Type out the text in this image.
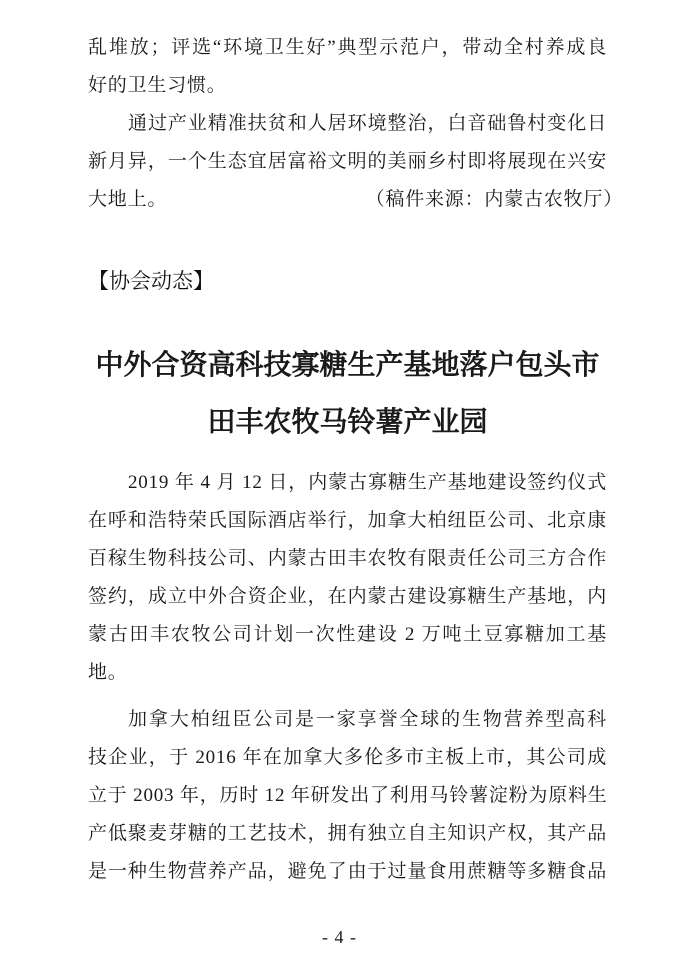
乱堆放；评选“环境卫生好”典型示范户，带动全村养成良
好的卫生习惯。
通过产业精准扶贫和人居环境整治，白音础鲁村变化日
新月异，一个生态宜居富裕文明的美丽乡村即将展现在兴安
大地上。	（稿件来源：内蒙古农牧厅）
【协会动态】
中外合资高科技寡糖生产基地落户包头市
田丰农牧马铃薯产业园
2019 年 4 月 12 日，内蒙古寡糖生产基地建设签约仪式
在呼和浩特荣氏国际酒店举行，加拿大柏纽臣公司、北京康
百稼生物科技公司、内蒙古田丰农牧有限责任公司三方合作
签约，成立中外合资企业，在内蒙古建设寡糖生产基地，内
蒙古田丰农牧公司计划一次性建设 2 万吨土豆寡糖加工基
地。
加拿大柏纽臣公司是一家享誉全球的生物营养型高科
技企业，于 2016 年在加拿大多伦多市主板上市，其公司成
立于 2003 年，历时 12 年研发出了利用马铃薯淀粉为原料生
产低聚麦芽糖的工艺技术，拥有独立自主知识产权，其产品
是一种生物营养产品，避免了由于过量食用蔗糖等多糖食品
- 4 -
